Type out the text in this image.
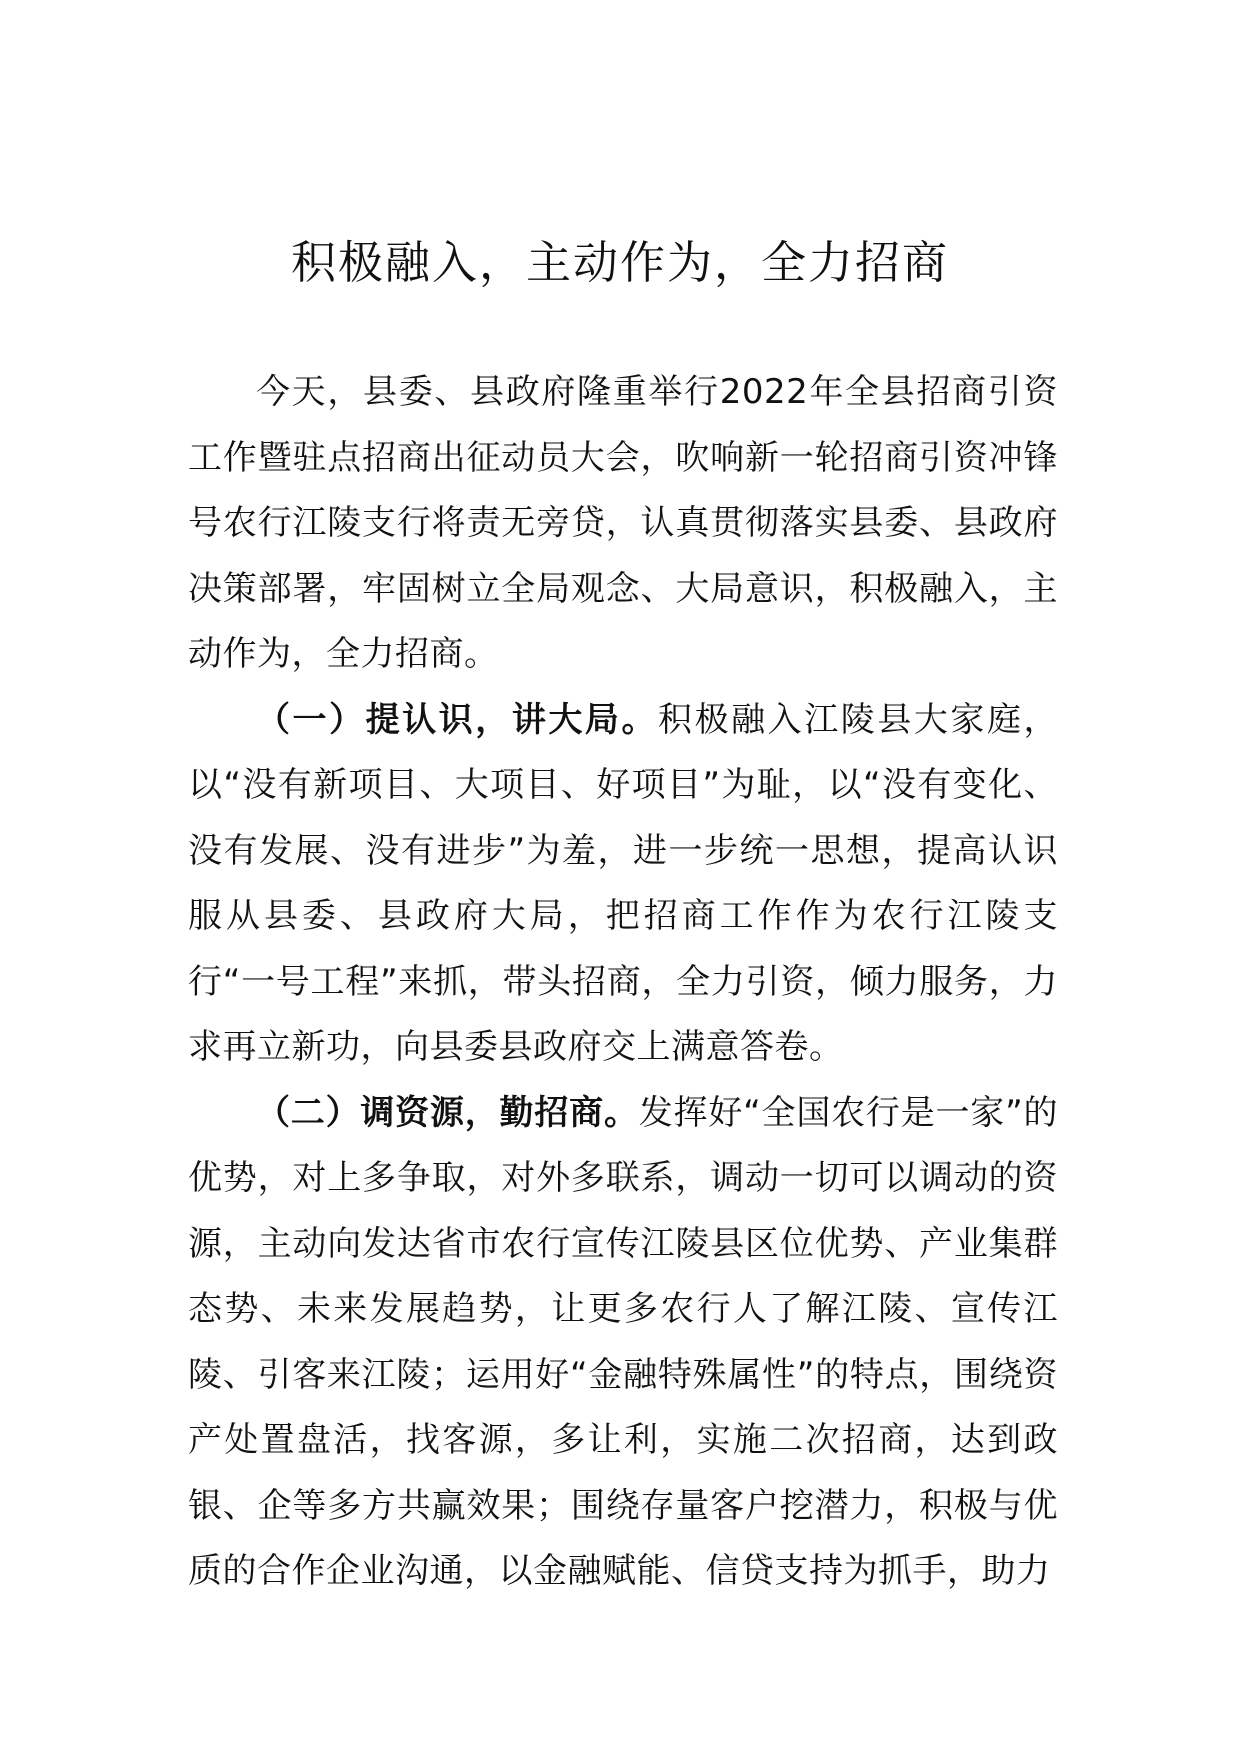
积极融入，主动作为，全力招商

今天，县委、县政府隆重举行2022年全县招商引资工作暨驻点招商出征动员大会，吹响新一轮招商引资冲锋号农行江陵支行将责无旁贷，认真贯彻落实县委、县政府决策部署，牢固树立全局观念、大局意识，积极融入，主动作为，全力招商。

（一）提认识，讲大局。积极融入江陵县大家庭，以“没有新项目、大项目、好项目”为耻，以“没有变化、没有发展、没有进步”为羞，进一步统一思想，提高认识服从县委、县政府大局，把招商工作作为农行江陵支行“一号工程”来抓，带头招商，全力引资，倾力服务，力求再立新功，向县委县政府交上满意答卷。

（二）调资源，勤招商。发挥好“全国农行是一家”的优势，对上多争取，对外多联系，调动一切可以调动的资源，主动向发达省市农行宣传江陵县区位优势、产业集群态势、未来发展趋势，让更多农行人了解江陵、宣传江陵、引客来江陵；运用好“金融特殊属性”的特点，围绕资产处置盘活，找客源，多让利，实施二次招商，达到政银、企等多方共赢效果；围绕存量客户挖潜力，积极与优质的合作企业沟通，以金融赋能、信贷支持为抓手，助力
